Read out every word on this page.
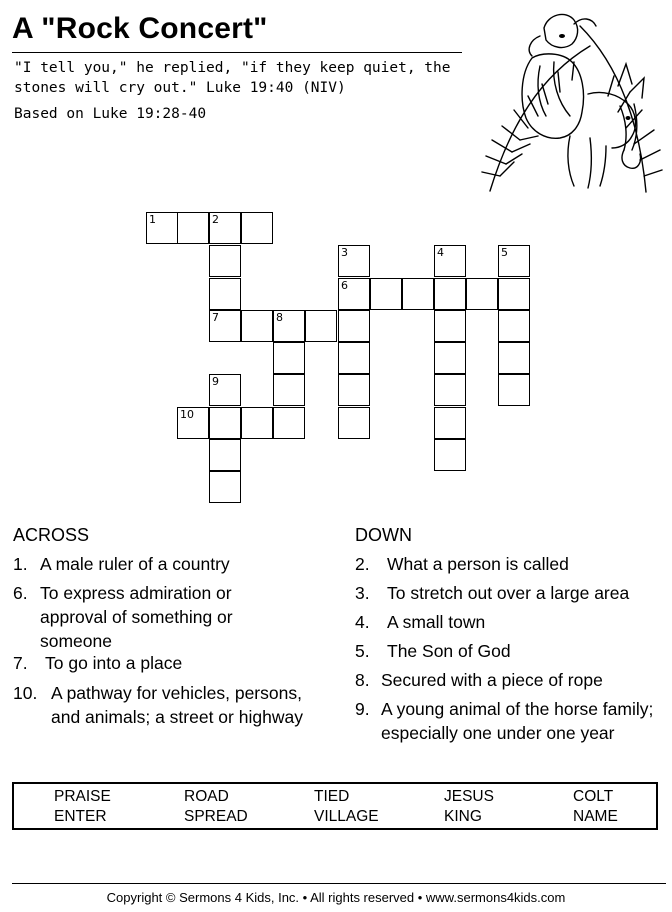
A "Rock Concert"
"I tell you," he replied, "if they keep quiet, the stones will cry out." Luke 19:40 (NIV)
Based on Luke 19:28-40
1	2
3	4	5
6
7	8
9
10
ACROSS
1. A male ruler of a country
6. To express admiration or approval of something or someone
7. To go into a place
10. A pathway for vehicles, persons, and animals; a street or highway
DOWN
2. What a person is called
3. To stretch out over a large area
4. A small town
5. The Son of God
8. Secured with a piece of rope
9. A young animal of the horse family; especially one under one year
PRAISE	ROAD	TIED	JESUS	COLT
ENTER	SPREAD	VILLAGE	KING	NAME
Copyright © Sermons 4 Kids, Inc. • All rights reserved • www.sermons4kids.com
